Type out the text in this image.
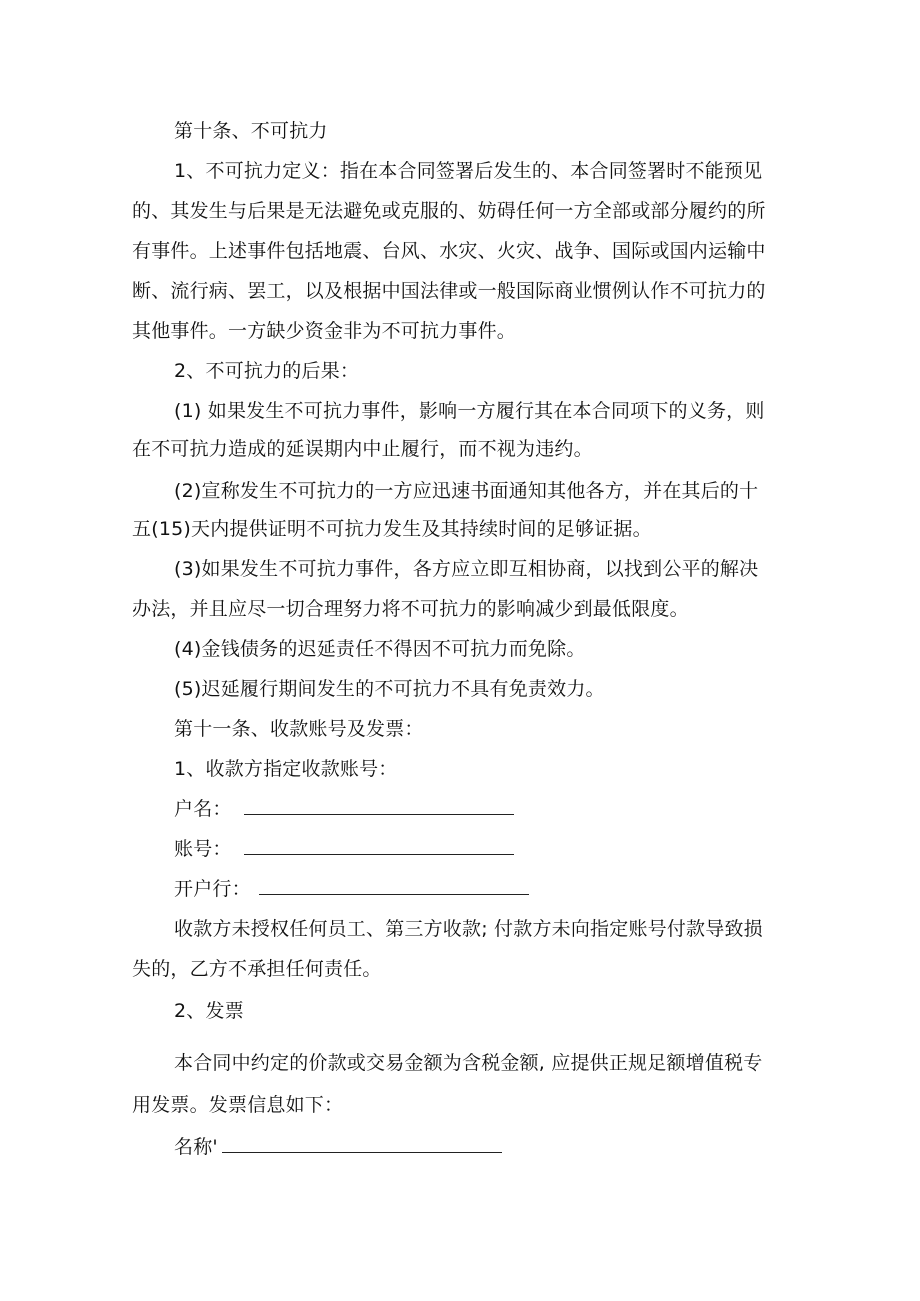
第十条、不可抗力
1、不可抗力定义：指在本合同签署后发生的、本合同签署时不能预见
的、其发生与后果是无法避免或克服的、妨碍任何一方全部或部分履约的所
有事件。上述事件包括地震、台风、水灾、火灾、战争、国际或国内运输中
断、流行病、罢工，以及根据中国法律或一般国际商业惯例认作不可抗力的
其他事件。一方缺少资金非为不可抗力事件。
2、不可抗力的后果：
(1) 如果发生不可抗力事件，影响一方履行其在本合同项下的义务，则
在不可抗力造成的延误期内中止履行，而不视为违约。
(2)宣称发生不可抗力的一方应迅速书面通知其他各方，并在其后的十
五(15)天内提供证明不可抗力发生及其持续时间的足够证据。
(3)如果发生不可抗力事件，各方应立即互相协商，以找到公平的解决
办法，并且应尽一切合理努力将不可抗力的影响减少到最低限度。
(4)金钱债务的迟延责任不得因不可抗力而免除。
(5)迟延履行期间发生的不可抗力不具有免责效力。
第十一条、收款账号及发票：
1、收款方指定收款账号：
户名：
账号：
开户行：
收款方未授权任何员工、第三方收款; 付款方未向指定账号付款导致损
失的，乙方不承担任何责任。
2、发票
本合同中约定的价款或交易金额为含税金额, 应提供正规足额增值税专
用发票。发票信息如下：
名称'
